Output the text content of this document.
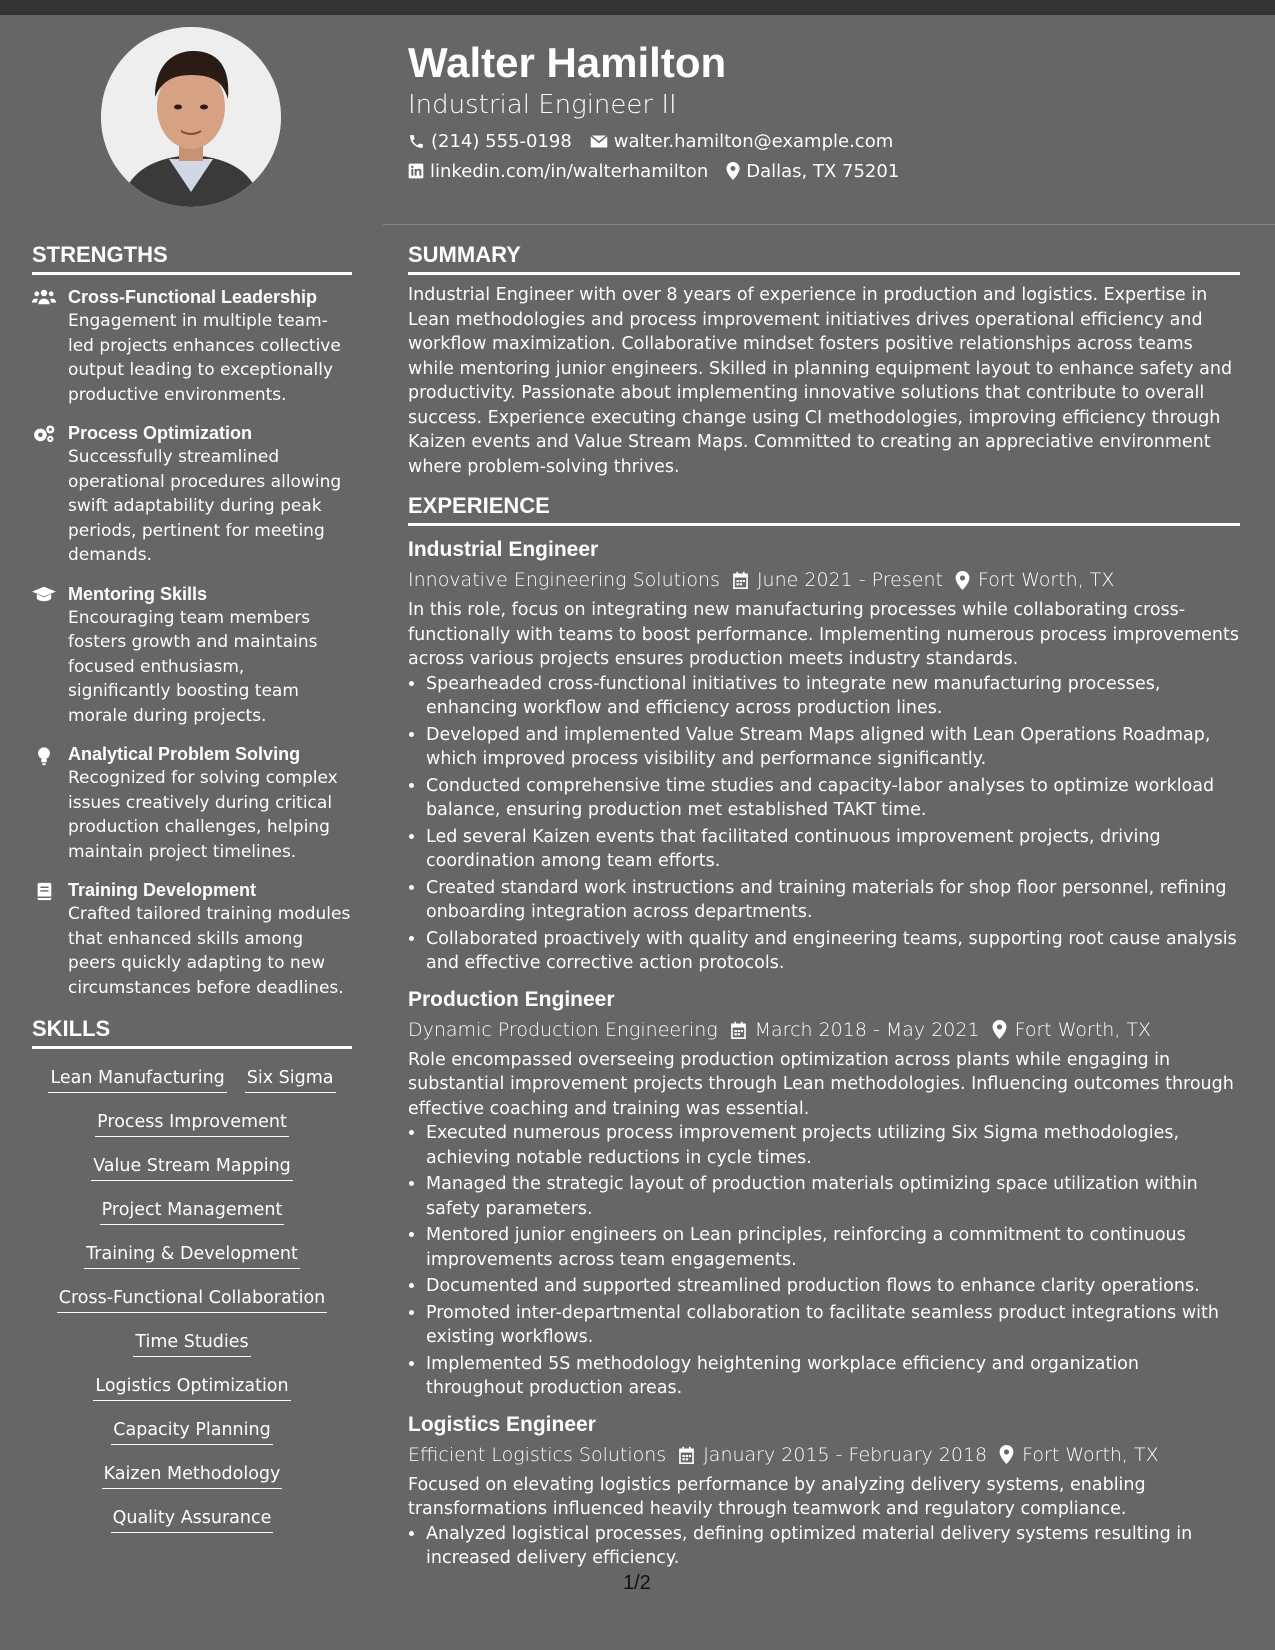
Walter Hamilton
Industrial Engineer II
(214) 555-0198 walter.hamilton@example.com
linkedin.com/in/walterhamilton Dallas, TX 75201
STRENGTHS
Cross-Functional Leadership
Engagement in multiple team-led projects enhances collective output leading to exceptionally productive environments.
Process Optimization
Successfully streamlined operational procedures allowing swift adaptability during peak periods, pertinent for meeting demands.
Mentoring Skills
Encouraging team members fosters growth and maintains focused enthusiasm, significantly boosting team morale during projects.
Analytical Problem Solving
Recognized for solving complex issues creatively during critical production challenges, helping maintain project timelines.
Training Development
Crafted tailored training modules that enhanced skills among peers quickly adapting to new circumstances before deadlines.
SKILLS
Lean Manufacturing Six Sigma
Process Improvement
Value Stream Mapping
Project Management
Training & Development
Cross-Functional Collaboration
Time Studies
Logistics Optimization
Capacity Planning
Kaizen Methodology
Quality Assurance
SUMMARY
Industrial Engineer with over 8 years of experience in production and logistics. Expertise in Lean methodologies and process improvement initiatives drives operational efficiency and workflow maximization. Collaborative mindset fosters positive relationships across teams while mentoring junior engineers. Skilled in planning equipment layout to enhance safety and productivity. Passionate about implementing innovative solutions that contribute to overall success. Experience executing change using CI methodologies, improving efficiency through Kaizen events and Value Stream Maps. Committed to creating an appreciative environment where problem-solving thrives.
EXPERIENCE
Industrial Engineer
Innovative Engineering Solutions June 2021 - Present Fort Worth, TX
In this role, focus on integrating new manufacturing processes while collaborating cross-functionally with teams to boost performance. Implementing numerous process improvements across various projects ensures production meets industry standards.
• Spearheaded cross-functional initiatives to integrate new manufacturing processes, enhancing workflow and efficiency across production lines.
• Developed and implemented Value Stream Maps aligned with Lean Operations Roadmap, which improved process visibility and performance significantly.
• Conducted comprehensive time studies and capacity-labor analyses to optimize workload balance, ensuring production met established TAKT time.
• Led several Kaizen events that facilitated continuous improvement projects, driving coordination among team efforts.
• Created standard work instructions and training materials for shop floor personnel, refining onboarding integration across departments.
• Collaborated proactively with quality and engineering teams, supporting root cause analysis and effective corrective action protocols.
Production Engineer
Dynamic Production Engineering March 2018 - May 2021 Fort Worth, TX
Role encompassed overseeing production optimization across plants while engaging in substantial improvement projects through Lean methodologies. Influencing outcomes through effective coaching and training was essential.
• Executed numerous process improvement projects utilizing Six Sigma methodologies, achieving notable reductions in cycle times.
• Managed the strategic layout of production materials optimizing space utilization within safety parameters.
• Mentored junior engineers on Lean principles, reinforcing a commitment to continuous improvements across team engagements.
• Documented and supported streamlined production flows to enhance clarity operations.
• Promoted inter-departmental collaboration to facilitate seamless product integrations with existing workflows.
• Implemented 5S methodology heightening workplace efficiency and organization throughout production areas.
Logistics Engineer
Efficient Logistics Solutions January 2015 - February 2018 Fort Worth, TX
Focused on elevating logistics performance by analyzing delivery systems, enabling transformations influenced heavily through teamwork and regulatory compliance.
• Analyzed logistical processes, defining optimized material delivery systems resulting in increased delivery efficiency.
1/2
